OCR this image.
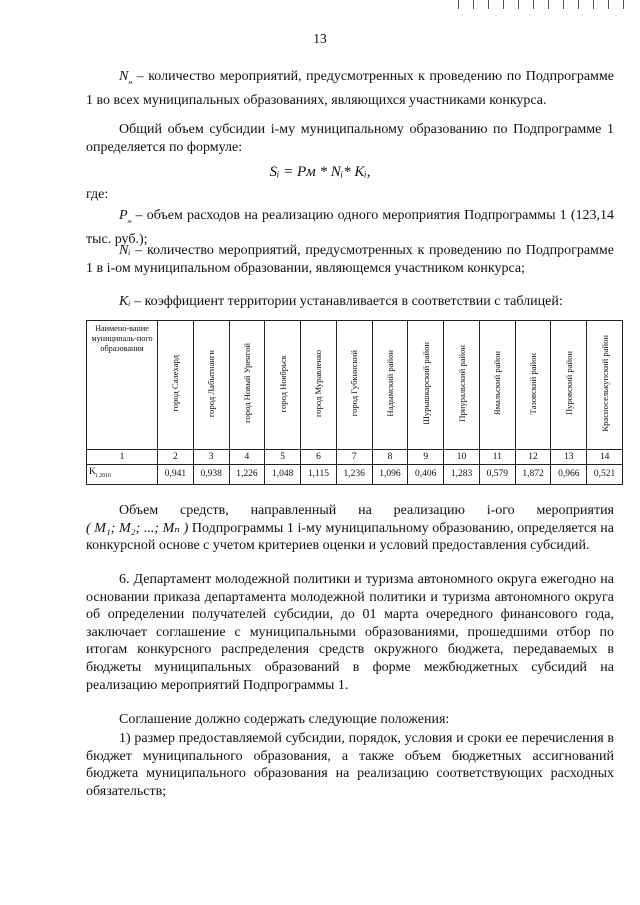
13

$N_м$ – количество мероприятий, предусмотренных к проведению по Подпрограмме 1 во всех муниципальных образованиях, являющихся участниками конкурса.

Общий объем субсидии i-му муниципальному образованию по Подпрограмме 1 определяется по формуле:

Sᵢ = Pм * Nᵢ* Kᵢ,

где:

$P_м$ – объем расходов на реализацию одного мероприятия Подпрограммы 1 (123,14 тыс. руб.);

Nᵢ – количество мероприятий, предусмотренных к проведению по Подпрограмме 1 в i-ом муниципальном образовании, являющемся участником конкурса;

Kᵢ – коэффициент территории устанавливается в соответствии с таблицей:

Наимено-вание муниципаль-ного образования	город Салехард	город Лабытнанги	город Новый Уренгой	город Ноябрьск	город Муравленко	город Губкинский	Надымский район	Шурышкарский район	Приуральский район	Ямальский район	Тазовский район	Пуровский район	Красноселькупский район
1	2	3	4	5	6	7	8	9	10	11	12	13	14
$K_{i 2016}$	0,941	0,938	1,226	1,048	1,115	1,236	1,096	0,406	1,283	0,579	1,872	0,966	0,521

Объем средств, направленный на реализацию i-ого мероприятия

( M₁; M₂; ...; Mₙ ) Подпрограммы 1 i-му муниципальному образованию, определяется на конкурсной основе с учетом критериев оценки и условий предоставления субсидий.

6. Департамент молодежной политики и туризма автономного округа ежегодно на основании приказа департамента молодежной политики и туризма автономного округа об определении получателей субсидии, до 01 марта очередного финансового года, заключает соглашение с муниципальными образованиями, прошедшими отбор по итогам конкурсного распределения средств окружного бюджета, передаваемых в бюджеты муниципальных образований в форме межбюджетных субсидий на реализацию мероприятий Подпрограммы 1.

Соглашение должно содержать следующие положения:

1) размер предоставляемой субсидии, порядок, условия и сроки ее перечисления в бюджет муниципального образования, а также объем бюджетных ассигнований бюджета муниципального образования на реализацию соответствующих расходных обязательств;
